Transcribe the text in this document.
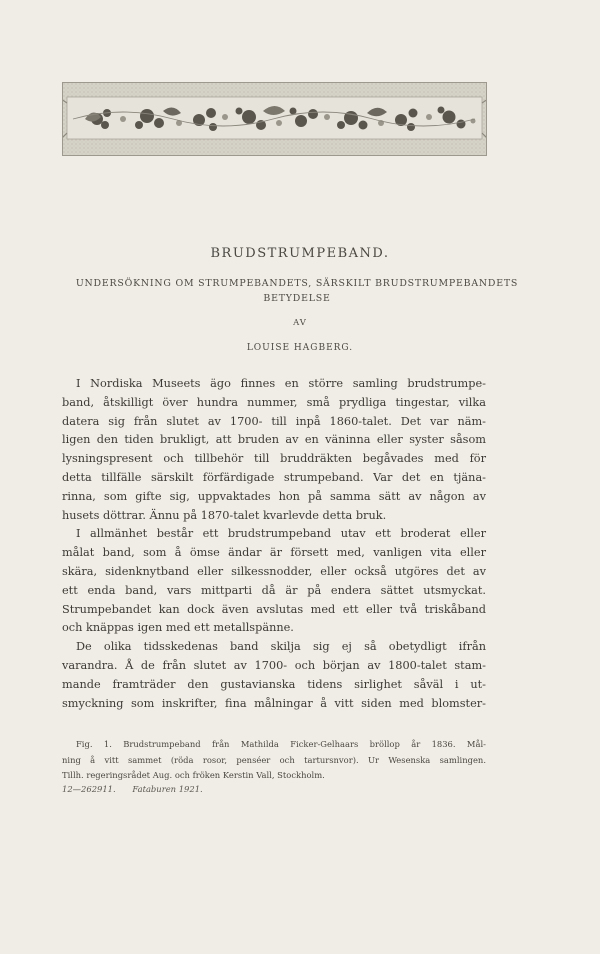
BRUDSTRUMPEBAND.
UNDERSÖKNING OM STRUMPEBANDETS, SÄRSKILT BRUDSTRUMPEBANDETS
BETYDELSE
AV
LOUISE HAGBERG.
I Nordiska Museets ägo finnes en större samling brudstrumpe-
band, åtskilligt över hundra nummer, små prydliga tingestar, vilka
datera sig från slutet av 1700- till inpå 1860-talet. Det var näm-
ligen den tiden brukligt, att bruden av en väninna eller syster såsom
lysningspresent och tillbehör till bruddräkten begåvades med för
detta tillfälle särskilt förfärdigade strumpeband. Var det en tjäna-
rinna, som gifte sig, uppvaktades hon på samma sätt av någon av
husets döttrar. Ännu på 1870-talet kvarlevde detta bruk.
I allmänhet består ett brudstrumpeband utav ett broderat eller
målat band, som å ömse ändar är försett med, vanligen vita eller
skära, sidenknytband eller silkessnodder, eller också utgöres det av
ett enda band, vars mittparti då är på endera sättet utsmyckat.
Strumpebandet kan dock även avslutas med ett eller två triskåband
och knäppas igen med ett metallspänne.
De olika tidsskedenas band skilja sig ej så obetydligt ifrån
varandra. Å de från slutet av 1700- och början av 1800-talet stam-
mande framträder den gustavianska tidens sirlighet såväl i ut-
smyckning som inskrifter, fina målningar å vitt siden med blomster-
Fig. 1. Brudstrumpeband från Mathilda Ficker-Gelhaars bröllop år 1836. Mål-
ning å vitt sammet (röda rosor, penséer och tartursnvor). Ur Wesenska samlingen.
Tillh. regeringsrådet Aug. och fröken Kerstin Vall, Stockholm.
12—262911. Fataburen 1921.
